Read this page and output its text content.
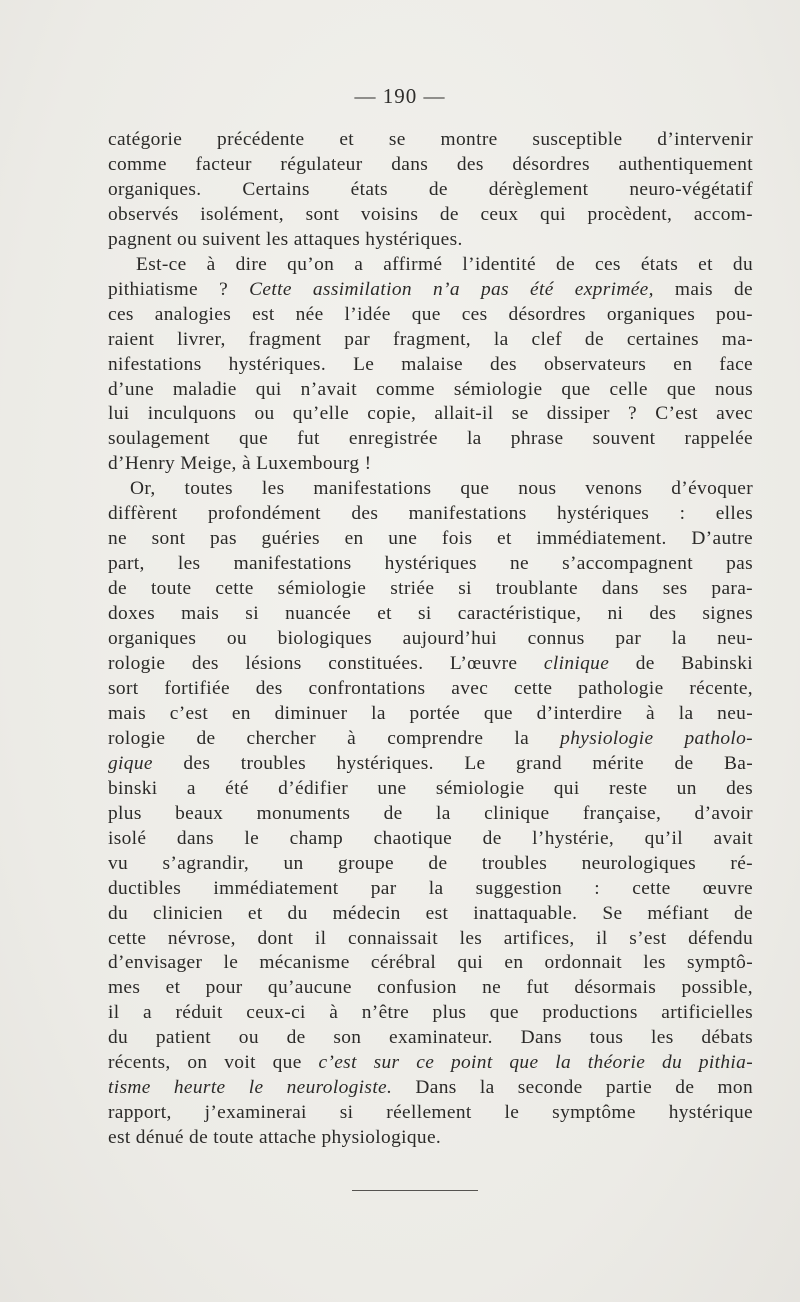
— 190 —
catégorie précédente et se montre susceptible d’intervenir
comme facteur régulateur dans des désordres authentiquement
organiques. Certains états de dérèglement neuro-végétatif
observés isolément, sont voisins de ceux qui procèdent, accom-
pagnent ou suivent les attaques hystériques.
Est-ce à dire qu’on a affirmé l’identité de ces états et du
pithiatisme ? Cette assimilation n’a pas été exprimée, mais de
ces analogies est née l’idée que ces désordres organiques pou-
raient livrer, fragment par fragment, la clef de certaines ma-
nifestations hystériques. Le malaise des observateurs en face
d’une maladie qui n’avait comme sémiologie que celle que nous
lui inculquons ou qu’elle copie, allait-il se dissiper ? C’est avec
soulagement que fut enregistrée la phrase souvent rappelée
d’Henry Meige, à Luxembourg !
Or, toutes les manifestations que nous venons d’évoquer
diffèrent profondément des manifestations hystériques : elles
ne sont pas guéries en une fois et immédiatement. D’autre
part, les manifestations hystériques ne s’accompagnent pas
de toute cette sémiologie striée si troublante dans ses para-
doxes mais si nuancée et si caractéristique, ni des signes
organiques ou biologiques aujourd’hui connus par la neu-
rologie des lésions constituées. L’œuvre clinique de Babinski
sort fortifiée des confrontations avec cette pathologie récente,
mais c’est en diminuer la portée que d’interdire à la neu-
rologie de chercher à comprendre la physiologie patholo-
gique des troubles hystériques. Le grand mérite de Ba-
binski a été d’édifier une sémiologie qui reste un des
plus beaux monuments de la clinique française, d’avoir
isolé dans le champ chaotique de l’hystérie, qu’il avait
vu s’agrandir, un groupe de troubles neurologiques ré-
ductibles immédiatement par la suggestion : cette œuvre
du clinicien et du médecin est inattaquable. Se méfiant de
cette névrose, dont il connaissait les artifices, il s’est défendu
d’envisager le mécanisme cérébral qui en ordonnait les symptô-
mes et pour qu’aucune confusion ne fut désormais possible,
il a réduit ceux-ci à n’être plus que productions artificielles
du patient ou de son examinateur. Dans tous les débats
récents, on voit que c’est sur ce point que la théorie du pithia-
tisme heurte le neurologiste. Dans la seconde partie de mon
rapport, j’examinerai si réellement le symptôme hystérique
est dénué de toute attache physiologique.
